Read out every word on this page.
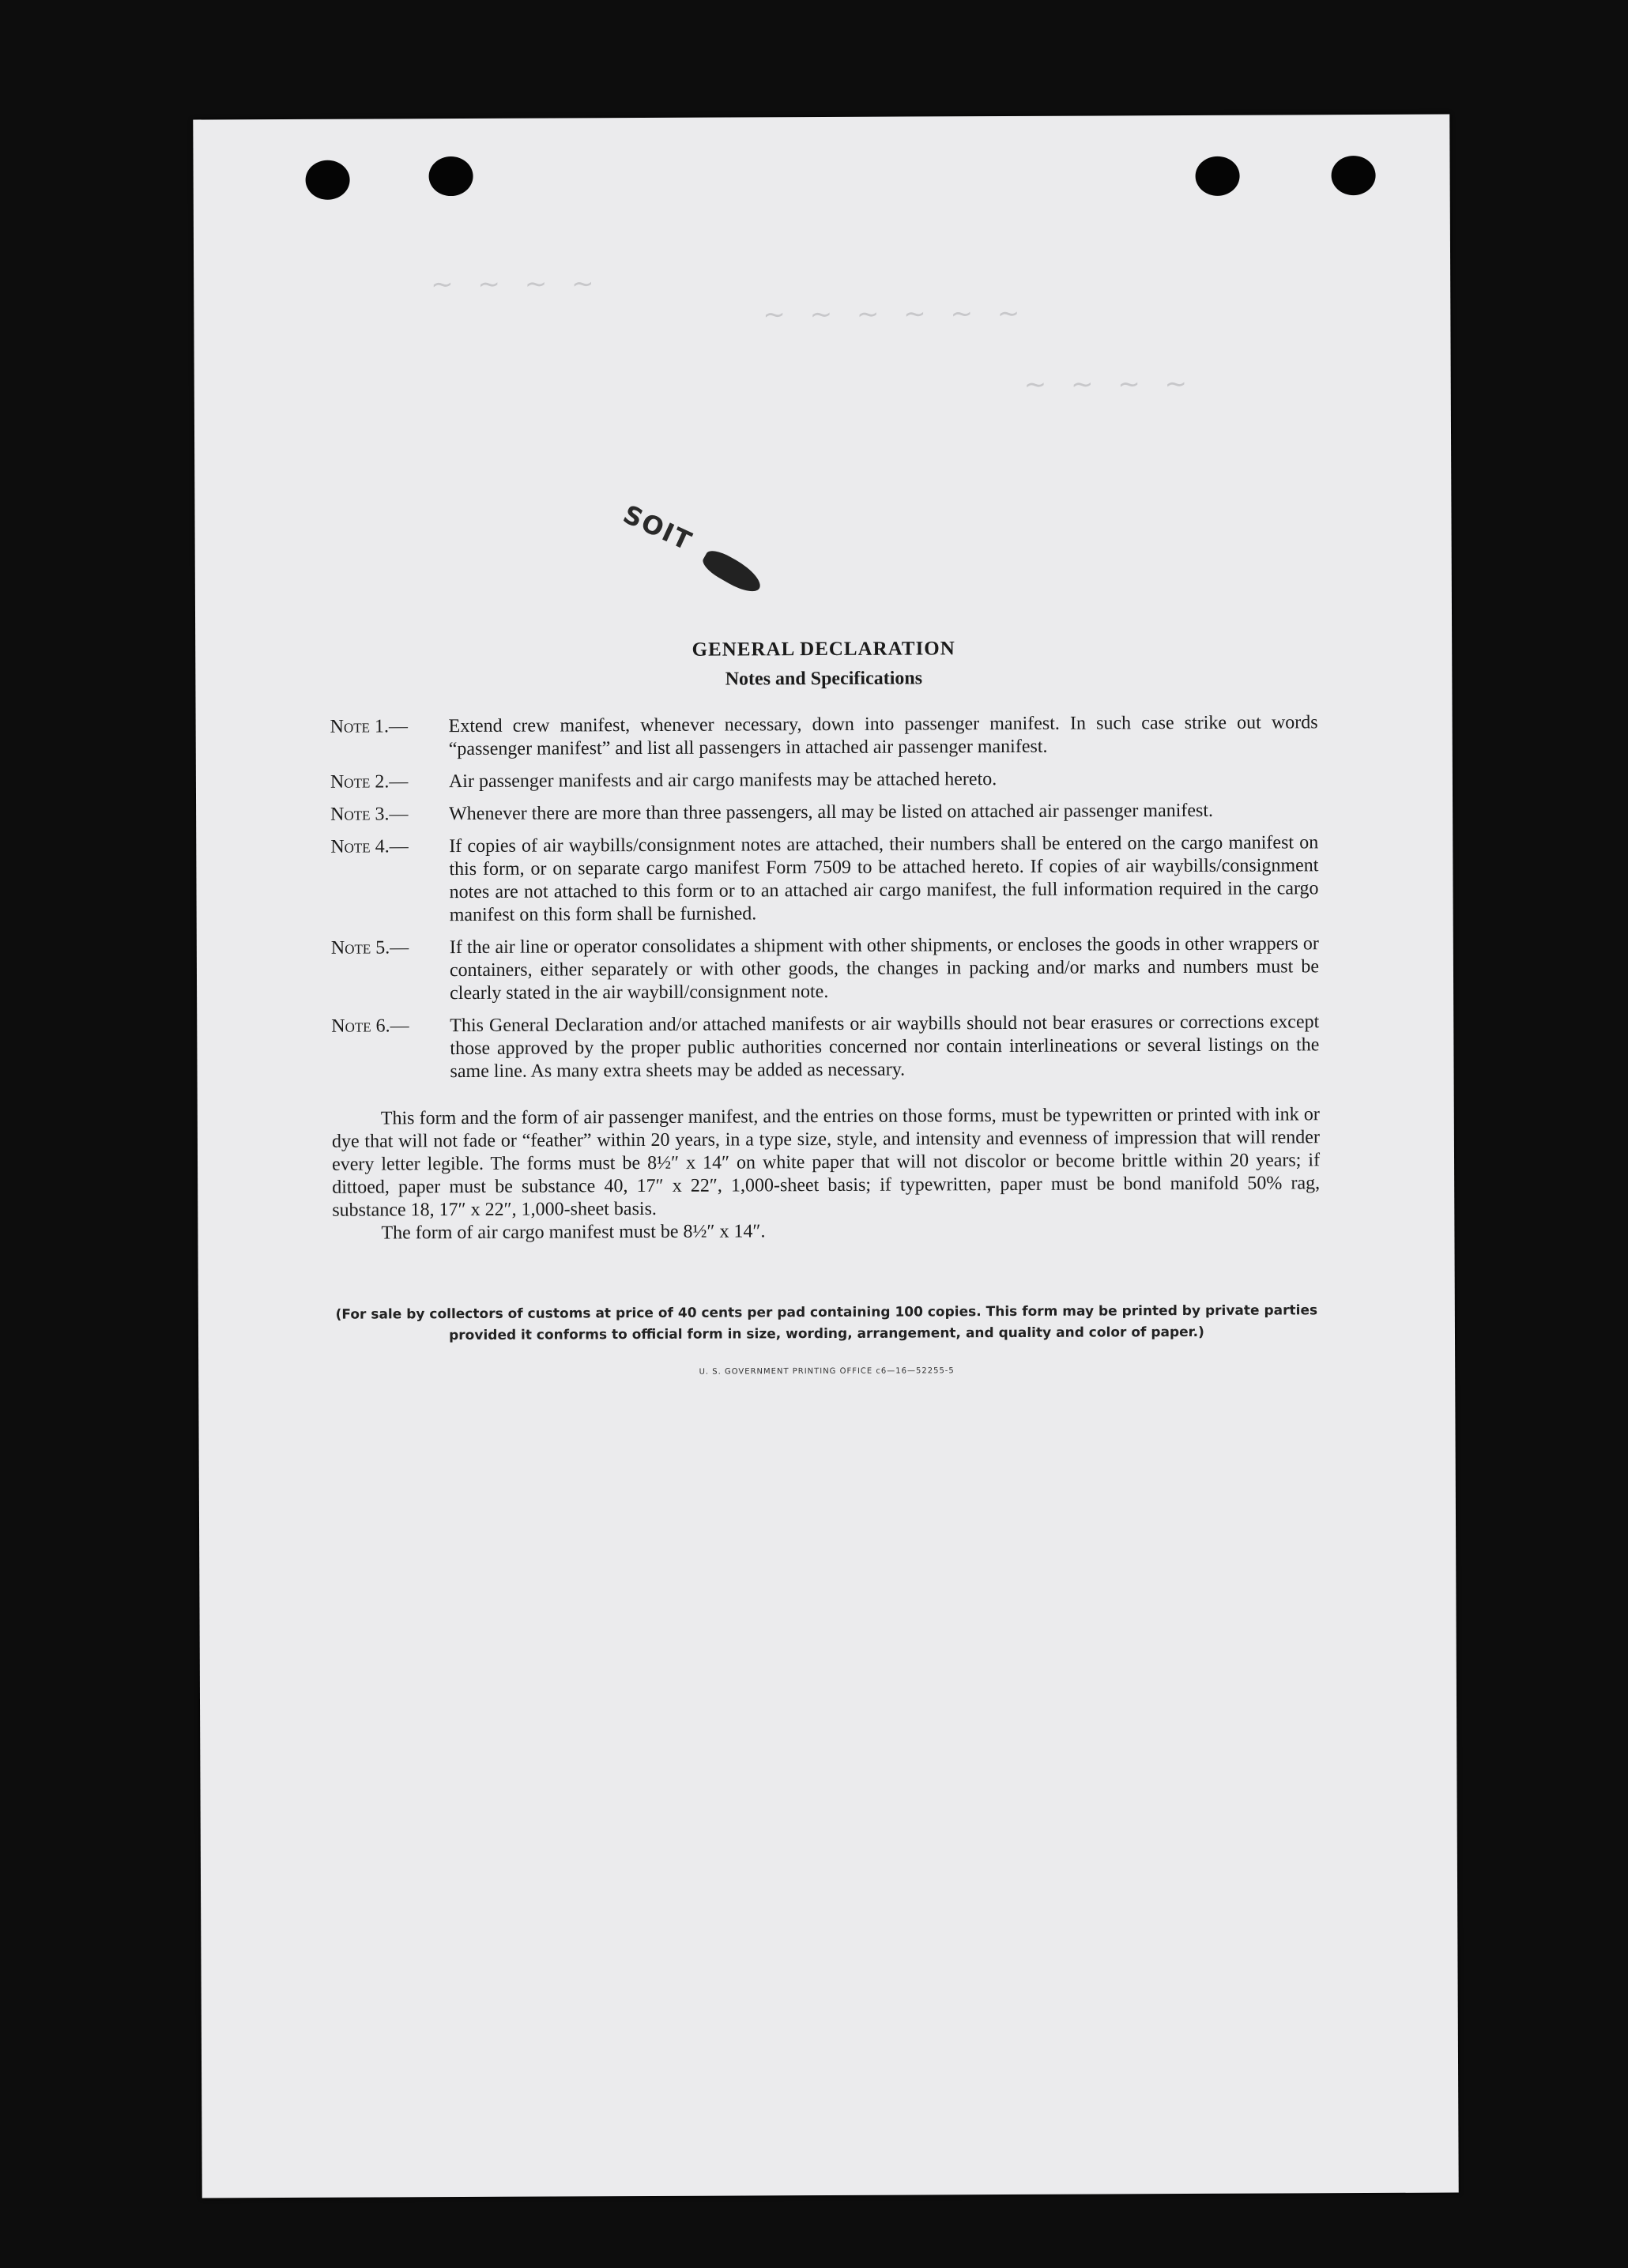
~ ~ ~ ~
~ ~ ~ ~ ~ ~
~ ~ ~ ~
SOIT
GENERAL DECLARATION
Notes and Specifications
Note 1.—	Extend crew manifest, whenever necessary, down into passenger manifest. In such case strike out words “passenger manifest” and list all passengers in attached air passenger manifest.
Note 2.—	Air passenger manifests and air cargo manifests may be attached hereto.
Note 3.—	Whenever there are more than three passengers, all may be listed on attached air passenger manifest.
Note 4.—	If copies of air waybills/consignment notes are attached, their numbers shall be entered on the cargo manifest on this form, or on separate cargo manifest Form 7509 to be attached hereto. If copies of air waybills/consignment notes are not attached to this form or to an attached air cargo manifest, the full information required in the cargo manifest on this form shall be furnished.
Note 5.—	If the air line or operator consolidates a shipment with other shipments, or encloses the goods in other wrappers or containers, either separately or with other goods, the changes in packing and/or marks and numbers must be clearly stated in the air waybill/consignment note.
Note 6.—	This General Declaration and/or attached manifests or air waybills should not bear erasures or corrections except those approved by the proper public authorities concerned nor contain interlineations or several listings on the same line. As many extra sheets may be added as necessary.

This form and the form of air passenger manifest, and the entries on those forms, must be typewritten or printed with ink or dye that will not fade or “feather” within 20 years, in a type size, style, and intensity and evenness of impression that will render every letter legible. The forms must be 8½″ x 14″ on white paper that will not discolor or become brittle within 20 years; if dittoed, paper must be substance 40, 17″ x 22″, 1,000-sheet basis; if typewritten, paper must be bond manifold 50% rag, substance 18, 17″ x 22″, 1,000-sheet basis.

The form of air cargo manifest must be 8½″ x 14″.

(For sale by collectors of customs at price of 40 cents per pad containing 100 copies. This form may be printed by private parties provided it conforms to official form in size, wording, arrangement, and quality and color of paper.)
U. S. GOVERNMENT PRINTING OFFICE c6—16—52255-5
